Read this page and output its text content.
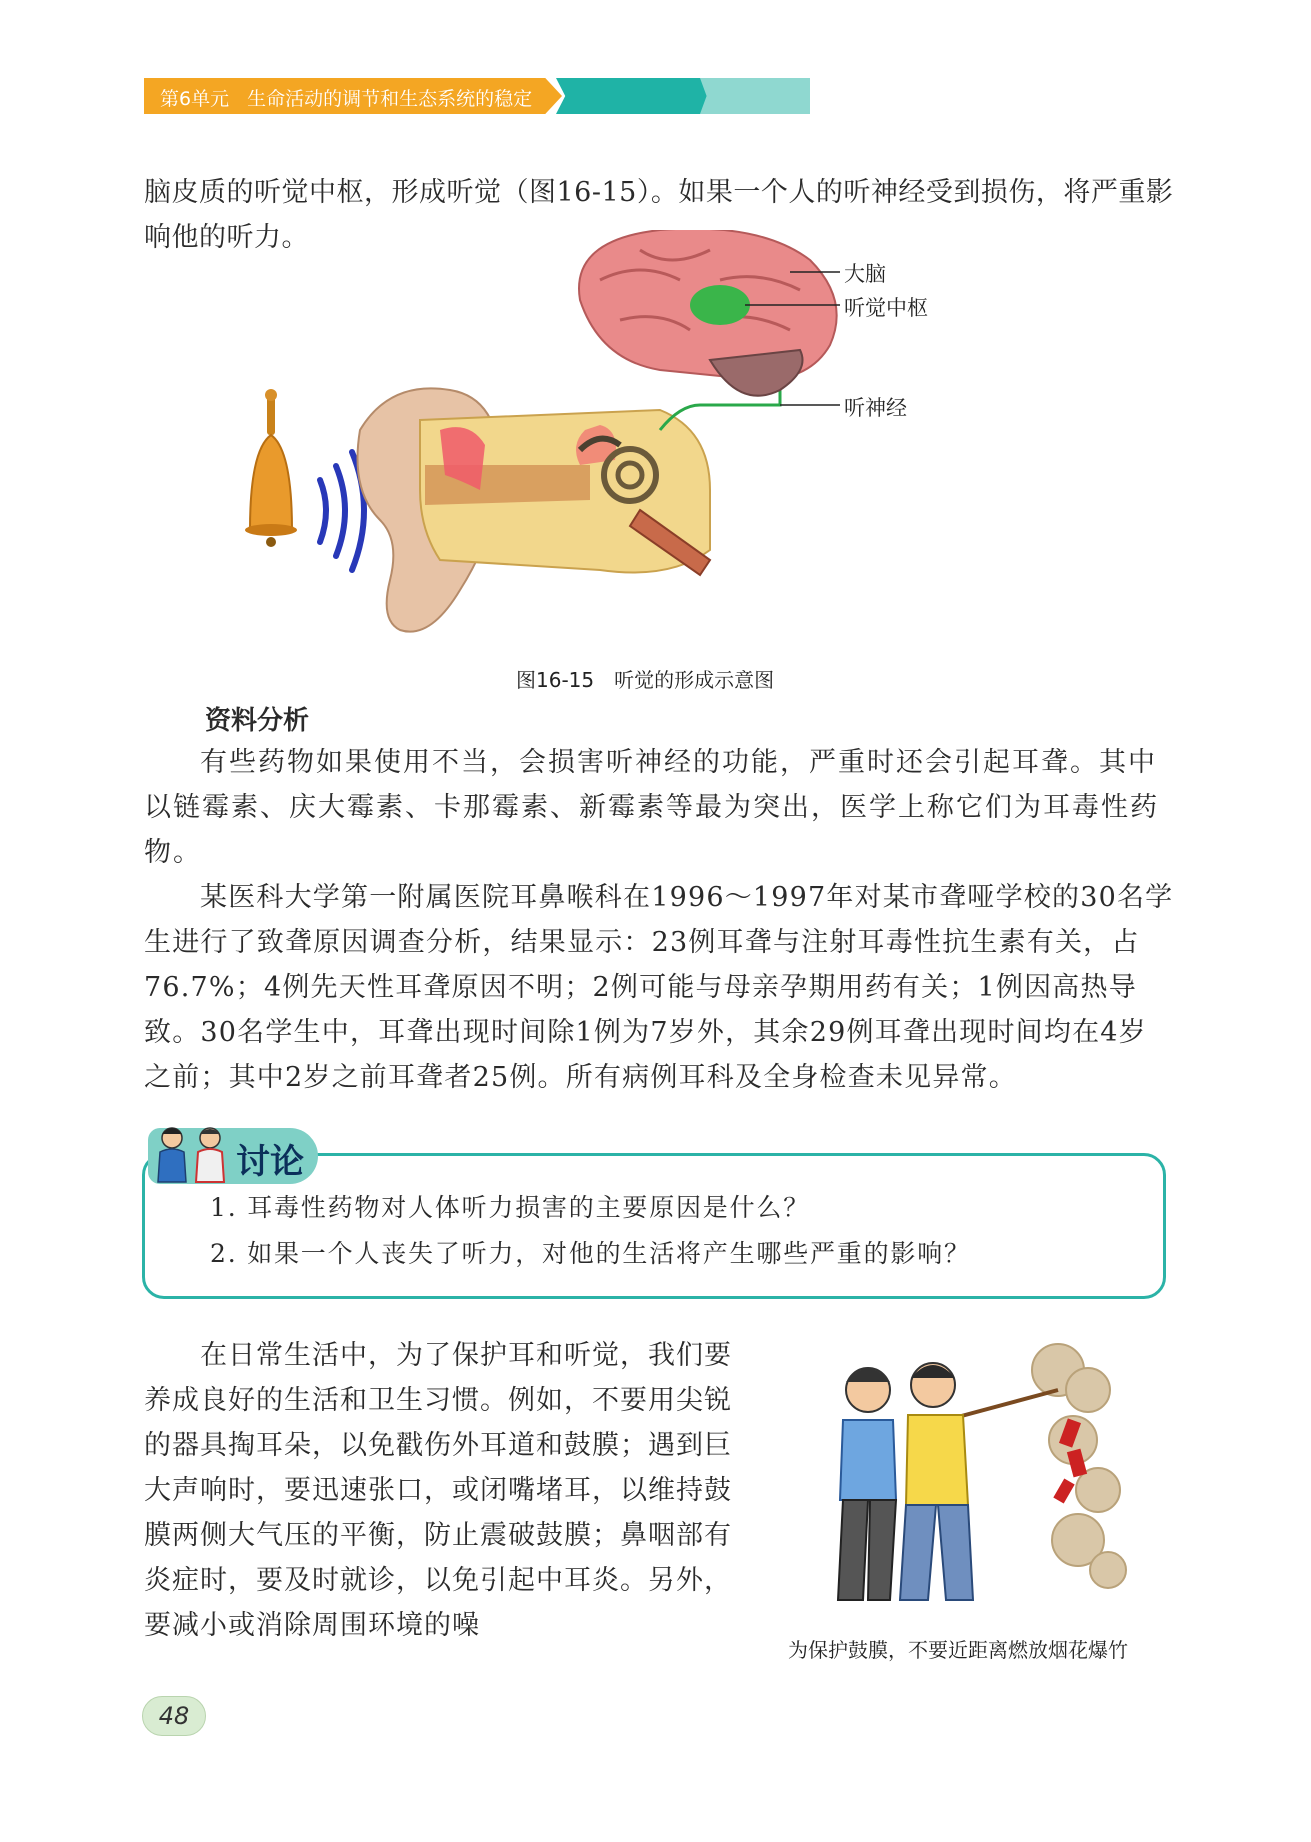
第6单元 生命活动的调节和生态系统的稳定

脑皮质的听觉中枢，形成听觉（图16-15）。如果一个人的听神经受到损伤，将严重影响他的听力。

大脑
听觉中枢
听神经
图16-15 听觉的形成示意图
资料分析

有些药物如果使用不当，会损害听神经的功能，严重时还会引起耳聋。其中以链霉素、庆大霉素、卡那霉素、新霉素等最为突出，医学上称它们为耳毒性药物。

某医科大学第一附属医院耳鼻喉科在1996～1997年对某市聋哑学校的30名学生进行了致聋原因调查分析，结果显示：23例耳聋与注射耳毒性抗生素有关，占76.7%；4例先天性耳聋原因不明；2例可能与母亲孕期用药有关；1例因高热导致。30名学生中，耳聋出现时间除1例为7岁外，其余29例耳聋出现时间均在4岁之前；其中2岁之前耳聋者25例。所有病例耳科及全身检查未见异常。

讨论
1. 耳毒性药物对人体听力损害的主要原因是什么？
2. 如果一个人丧失了听力，对他的生活将产生哪些严重的影响？

在日常生活中，为了保护耳和听觉，我们要养成良好的生活和卫生习惯。例如，不要用尖锐的器具掏耳朵，以免戳伤外耳道和鼓膜；遇到巨大声响时，要迅速张口，或闭嘴堵耳，以维持鼓膜两侧大气压的平衡，防止震破鼓膜；鼻咽部有炎症时，要及时就诊，以免引起中耳炎。另外，要减小或消除周围环境的噪

为保护鼓膜，不要近距离燃放烟花爆竹
48
